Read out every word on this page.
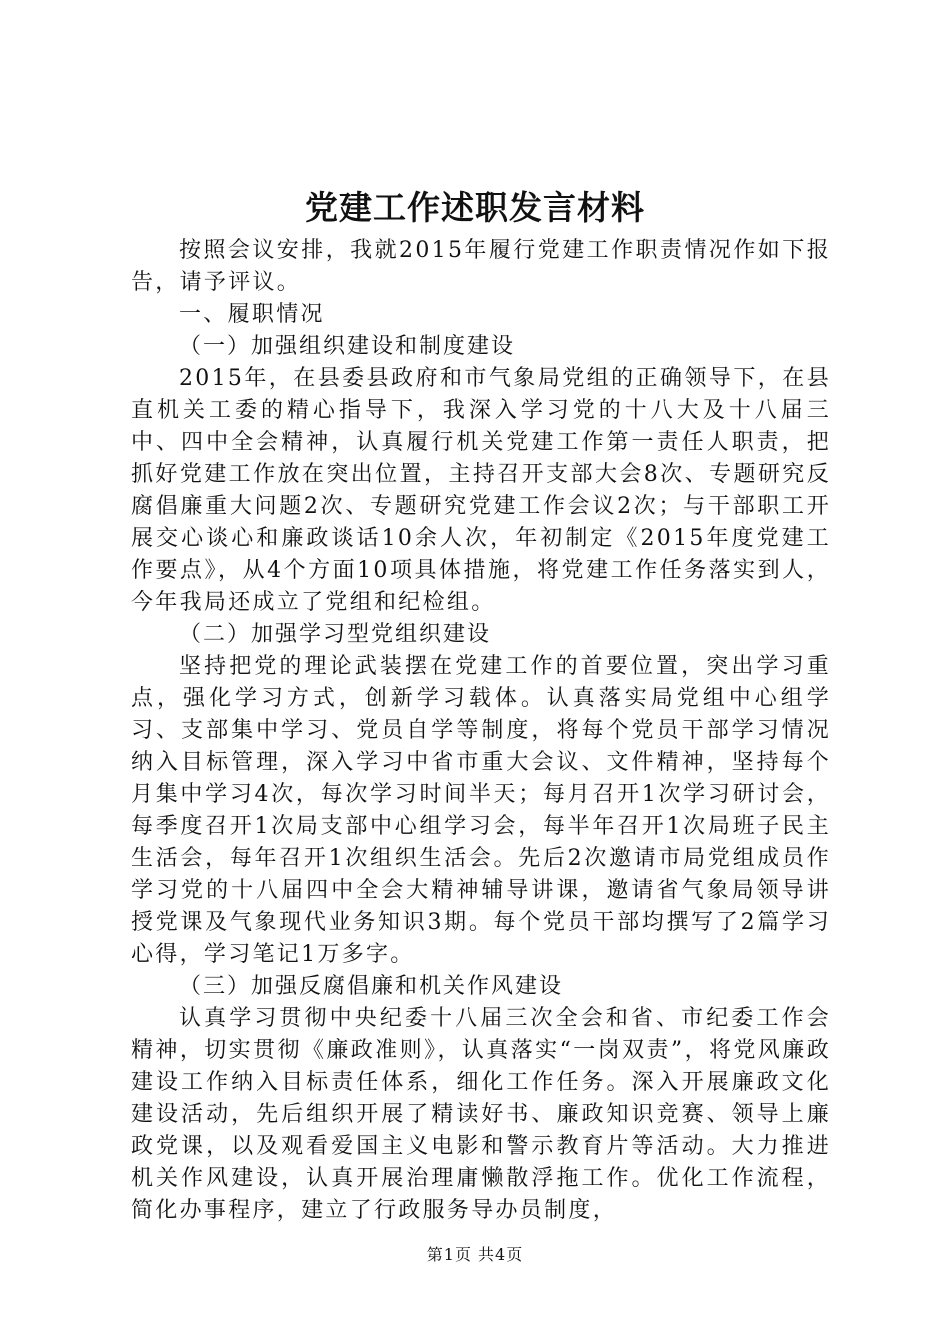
党建工作述职发言材料

按照会议安排，我就2015年履行党建工作职责情况作如下报告，请予评议。

一、履职情况

（一）加强组织建设和制度建设

2015年，在县委县政府和市气象局党组的正确领导下，在县直机关工委的精心指导下，我深入学习党的十八大及十八届三中、四中全会精神，认真履行机关党建工作第一责任人职责，把抓好党建工作放在突出位置，主持召开支部大会8次、专题研究反腐倡廉重大问题2次、专题研究党建工作会议2次；与干部职工开展交心谈心和廉政谈话10余人次，年初制定《2015年度党建工作要点》，从4个方面10项具体措施，将党建工作任务落实到人，今年我局还成立了党组和纪检组。

（二）加强学习型党组织建设

坚持把党的理论武装摆在党建工作的首要位置，突出学习重点，强化学习方式，创新学习载体。认真落实局党组中心组学习、支部集中学习、党员自学等制度，将每个党员干部学习情况纳入目标管理，深入学习中省市重大会议、文件精神，坚持每个月集中学习4次，每次学习时间半天；每月召开1次学习研讨会，每季度召开1次局支部中心组学习会，每半年召开1次局班子民主生活会，每年召开1次组织生活会。先后2次邀请市局党组成员作学习党的十八届四中全会大精神辅导讲课，邀请省气象局领导讲授党课及气象现代业务知识3期。每个党员干部均撰写了2篇学习心得，学习笔记1万多字。

（三）加强反腐倡廉和机关作风建设

认真学习贯彻中央纪委十八届三次全会和省、市纪委工作会精神，切实贯彻《廉政准则》，认真落实“一岗双责”，将党风廉政建设工作纳入目标责任体系，细化工作任务。深入开展廉政文化建设活动，先后组织开展了精读好书、廉政知识竞赛、领导上廉政党课，以及观看爱国主义电影和警示教育片等活动。大力推进机关作风建设，认真开展治理庸懒散浮拖工作。优化工作流程，简化办事程序，建立了行政服务导办员制度，

第1页 共4页
